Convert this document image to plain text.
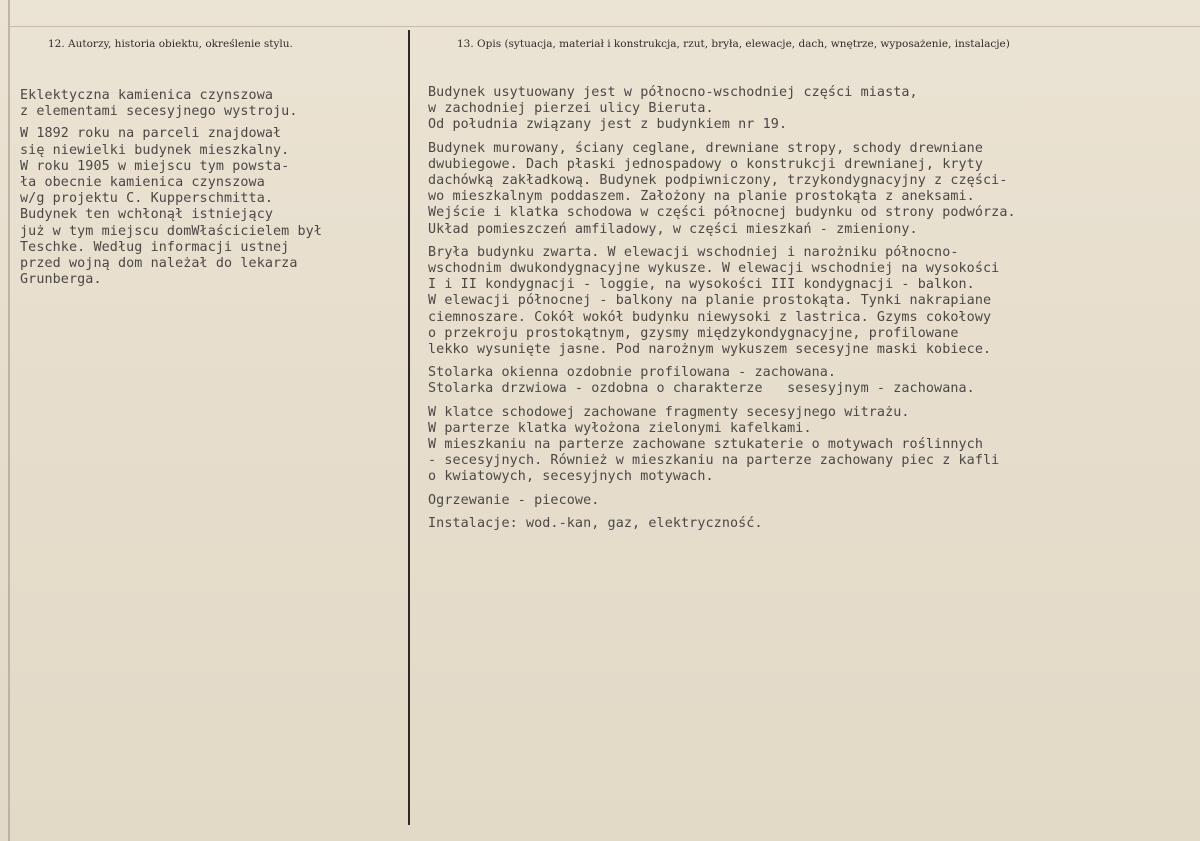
12. Autorzy, historia obiektu, określenie stylu.	13. Opis (sytuacja, materiał i konstrukcja, rzut, bryła, elewacje, dach, wnętrze, wyposażenie, instalacje)
Eklektyczna kamienica czynszowa
z elementami secesyjnego wystroju.
W 1892 roku na parceli znajdował
się niewielki budynek mieszkalny.
W roku 1905 w miejscu tym powsta-
ła obecnie kamienica czynszowa
w/g projektu C. Kupperschmitta.
Budynek ten wchłonął istniejący
już w tym miejscu domWłaścicielem był
Teschke. Według informacji ustnej
przed wojną dom należał do lekarza
Grunberga.
Budynek usytuowany jest w północno-wschodniej części miasta,
w zachodniej pierzei ulicy Bieruta.
Od południa związany jest z budynkiem nr 19.
Budynek murowany, ściany ceglane, drewniane stropy, schody drewniane
dwubiegowe. Dach płaski jednospadowy o konstrukcji drewnianej, kryty
dachówką zakładkową. Budynek podpiwniczony, trzykondygnacyjny z części-
wo mieszkalnym poddaszem. Założony na planie prostokąta z aneksami.
Wejście i klatka schodowa w części północnej budynku od strony podwórza.
Układ pomieszczeń amfiladowy, w części mieszkań - zmieniony.
Bryła budynku zwarta. W elewacji wschodniej i narożniku północno-
wschodnim dwukondygnacyjne wykusze. W elewacji wschodniej na wysokości
I i II kondygnacji - loggie, na wysokości III kondygnacji - balkon.
W elewacji północnej - balkony na planie prostokąta. Tynki nakrapiane
ciemnoszare. Cokół wokół budynku niewysoki z lastrica. Gzyms cokołowy
o przekroju prostokątnym, gzysmy międzykondygnacyjne, profilowane
lekko wysunięte jasne. Pod narożnym wykuszem secesyjne maski kobiece.
Stolarka okienna ozdobnie profilowana - zachowana.
Stolarka drzwiowa - ozdobna o charakterze   sesesyjnym - zachowana.
W klatce schodowej zachowane fragmenty secesyjnego witrażu.
W parterze klatka wyłożona zielonymi kafelkami.
W mieszkaniu na parterze zachowane sztukaterie o motywach roślinnych
- secesyjnych. Również w mieszkaniu na parterze zachowany piec z kafli
o kwiatowych, secesyjnych motywach.
Ogrzewanie - piecowe.
Instalacje: wod.-kan, gaz, elektryczność.
